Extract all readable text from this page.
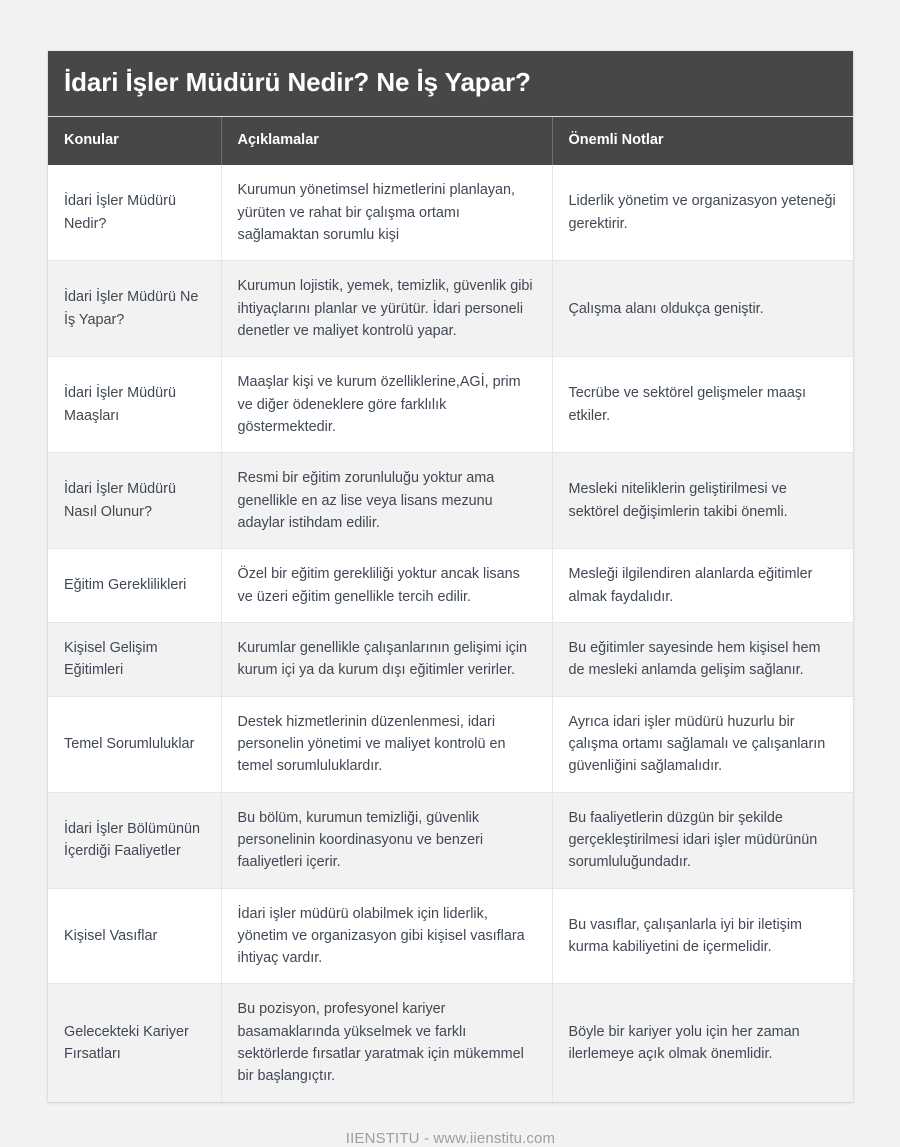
İdari İşler Müdürü Nedir? Ne İş Yapar?
Konular	Açıklamalar	Önemli Notlar
İdari İşler Müdürü Nedir?	Kurumun yönetimsel hizmetlerini planlayan, yürüten ve rahat bir çalışma ortamı sağlamaktan sorumlu kişi	Liderlik yönetim ve organizasyon yeteneği gerektirir.
İdari İşler Müdürü Ne İş Yapar?	Kurumun lojistik, yemek, temizlik, güvenlik gibi ihtiyaçlarını planlar ve yürütür. İdari personeli denetler ve maliyet kontrolü yapar.	Çalışma alanı oldukça geniştir.
İdari İşler Müdürü Maaşları	Maaşlar kişi ve kurum özelliklerine,AGİ, prim ve diğer ödeneklere göre farklılık göstermektedir.	Tecrübe ve sektörel gelişmeler maaşı etkiler.
İdari İşler Müdürü Nasıl Olunur?	Resmi bir eğitim zorunluluğu yoktur ama genellikle en az lise veya lisans mezunu adaylar istihdam edilir.	Mesleki niteliklerin geliştirilmesi ve sektörel değişimlerin takibi önemli.
Eğitim Gereklilikleri	Özel bir eğitim gerekliliği yoktur ancak lisans ve üzeri eğitim genellikle tercih edilir.	Mesleği ilgilendiren alanlarda eğitimler almak faydalıdır.
Kişisel Gelişim Eğitimleri	Kurumlar genellikle çalışanlarının gelişimi için kurum içi ya da kurum dışı eğitimler verirler.	Bu eğitimler sayesinde hem kişisel hem de mesleki anlamda gelişim sağlanır.
Temel Sorumluluklar	Destek hizmetlerinin düzenlenmesi, idari personelin yönetimi ve maliyet kontrolü en temel sorumluluklardır.	Ayrıca idari işler müdürü huzurlu bir çalışma ortamı sağlamalı ve çalışanların güvenliğini sağlamalıdır.
İdari İşler Bölümünün İçerdiği Faaliyetler	Bu bölüm, kurumun temizliği, güvenlik personelinin koordinasyonu ve benzeri faaliyetleri içerir.	Bu faaliyetlerin düzgün bir şekilde gerçekleştirilmesi idari işler müdürünün sorumluluğundadır.
Kişisel Vasıflar	İdari işler müdürü olabilmek için liderlik, yönetim ve organizasyon gibi kişisel vasıflara ihtiyaç vardır.	Bu vasıflar, çalışanlarla iyi bir iletişim kurma kabiliyetini de içermelidir.
Gelecekteki Kariyer Fırsatları	Bu pozisyon, profesyonel kariyer basamaklarında yükselmek ve farklı sektörlerde fırsatlar yaratmak için mükemmel bir başlangıçtır.	Böyle bir kariyer yolu için her zaman ilerlemeye açık olmak önemlidir.
IIENSTITU - www.iienstitu.com
